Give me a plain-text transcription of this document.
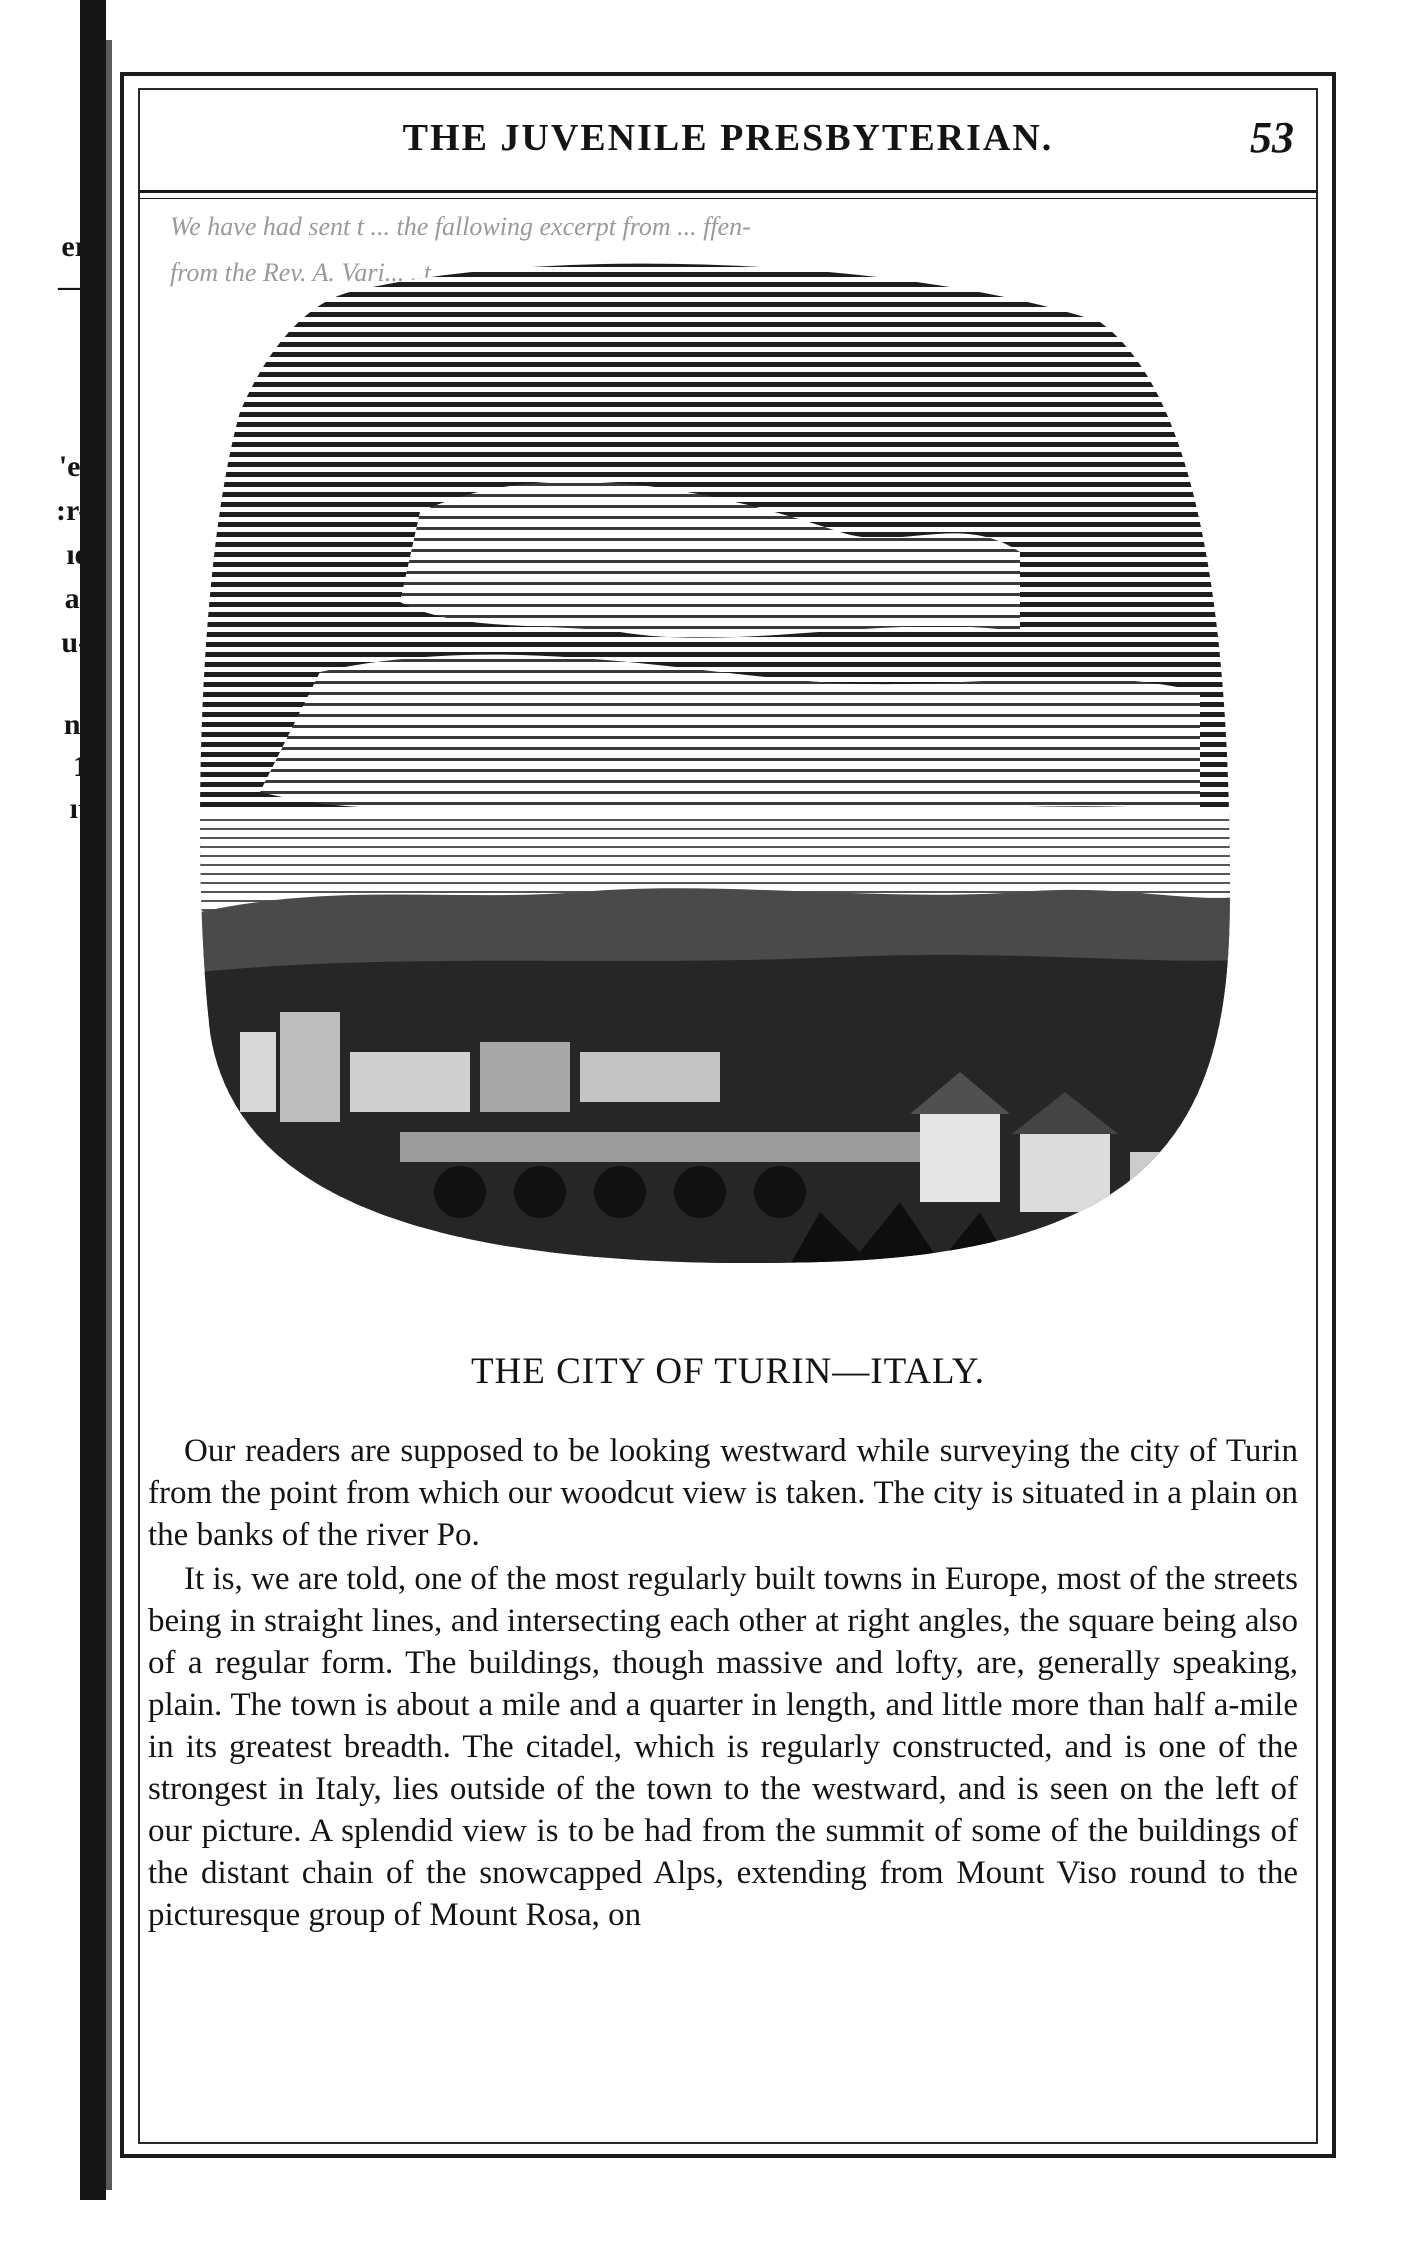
er
—
'e,
:r-
ıe
al
u-
n,
1
ıt
THE JUVENILE PRESBYTERIAN.	53
We have had sent t ... the fallowing excerpt from ... ffen-
from the Rev. A. Vari... ..t
THE CITY OF TURIN—ITALY.

Our readers are supposed to be looking westward while surveying the city of Turin from the point from which our woodcut view is taken. The city is situated in a plain on the banks of the river Po.

It is, we are told, one of the most regularly built towns in Europe, most of the streets being in straight lines, and intersecting each other at right angles, the square being also of a regular form. The buildings, though massive and lofty, are, generally speaking, plain. The town is about a mile and a quarter in length, and little more than half a-mile in its greatest breadth. The citadel, which is regularly constructed, and is one of the strongest in Italy, lies outside of the town to the westward, and is seen on the left of our picture. A splendid view is to be had from the summit of some of the buildings of the distant chain of the snowcapped Alps, extending from Mount Viso round to the picturesque group of Mount Rosa, on
